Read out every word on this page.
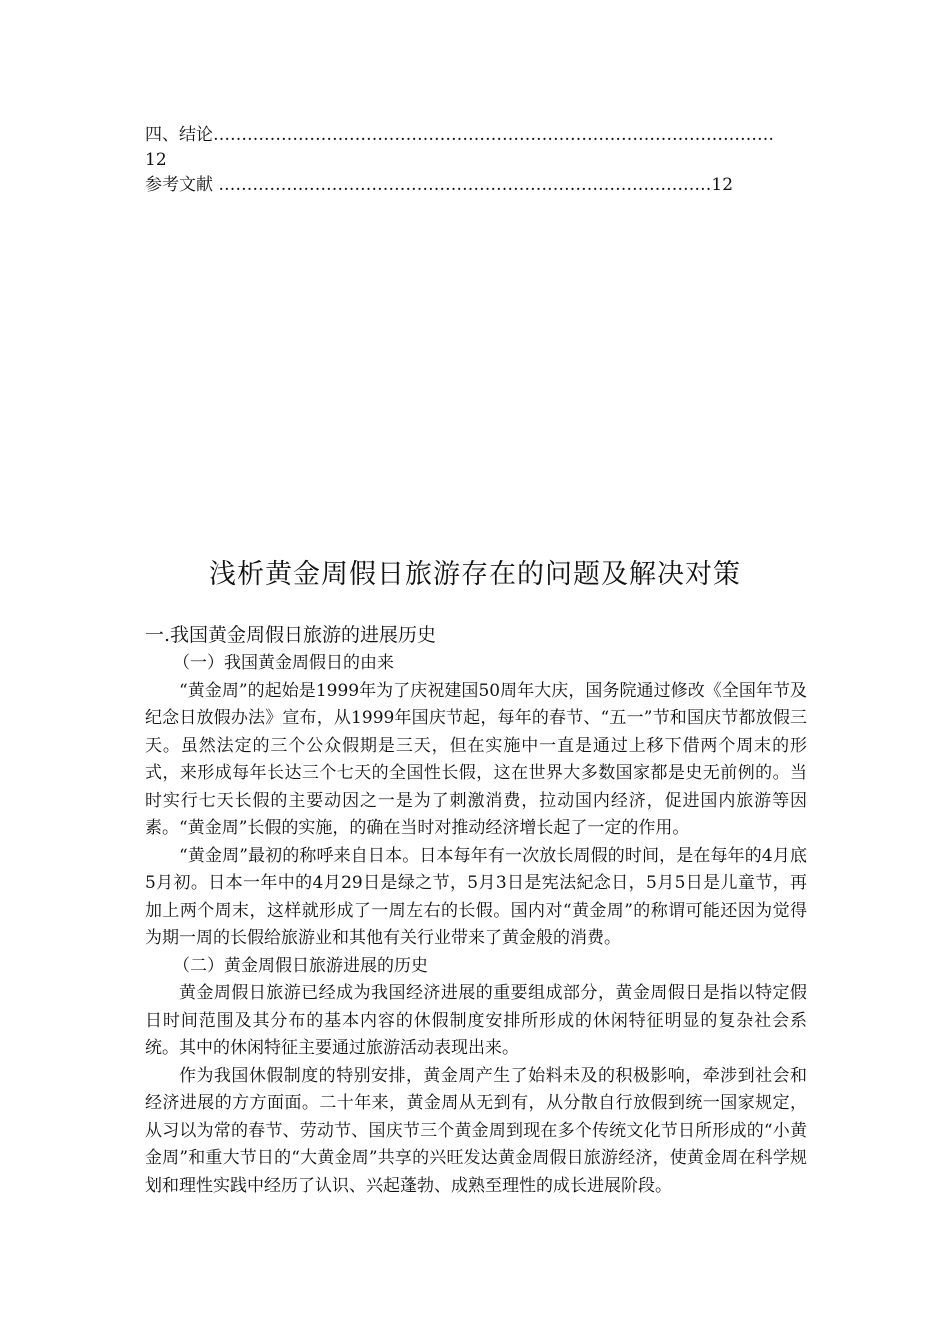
四、结论………………………………………………………………………………………
12
参考文献 ……………………………………………………………………………12
浅析黄金周假日旅游存在的问题及解决对策
一.我国黄金周假日旅游的进展历史
（一）我国黄金周假日的由来

“黄金周”的起始是1999年为了庆祝建国50周年大庆，国务院通过修改《全国年节及纪念日放假办法》宣布，从1999年国庆节起，每年的春节、“五一”节和国庆节都放假三天。虽然法定的三个公众假期是三天，但在实施中一直是通过上移下借两个周末的形式，来形成每年长达三个七天的全国性长假，这在世界大多数国家都是史无前例的。当时实行七天长假的主要动因之一是为了刺激消费，拉动国内经济，促进国内旅游等因素。“黄金周”长假的实施，的确在当时对推动经济增长起了一定的作用。

“黄金周”最初的称呼来自日本。日本每年有一次放长周假的时间，是在每年的4月底5月初。日本一年中的4月29日是绿之节，5月3日是宪法紀念日，5月5日是儿童节，再加上两个周末，这样就形成了一周左右的长假。国内对“黄金周”的称谓可能还因为觉得为期一周的长假给旅游业和其他有关行业带来了黄金般的消费。

（二）黄金周假日旅游进展的历史

黄金周假日旅游已经成为我国经济进展的重要组成部分，黄金周假日是指以特定假日时间范围及其分布的基本内容的休假制度安排所形成的休闲特征明显的复杂社会系统。其中的休闲特征主要通过旅游活动表现出来。

作为我国休假制度的特别安排，黄金周产生了始料未及的积极影响，牵涉到社会和经济进展的方方面面。二十年来，黄金周从无到有，从分散自行放假到统一国家规定，从习以为常的春节、劳动节、国庆节三个黄金周到现在多个传统文化节日所形成的“小黄金周”和重大节日的“大黄金周”共享的兴旺发达黄金周假日旅游经济，使黄金周在科学规划和理性实践中经历了认识、兴起蓬勃、成熟至理性的成长进展阶段。
